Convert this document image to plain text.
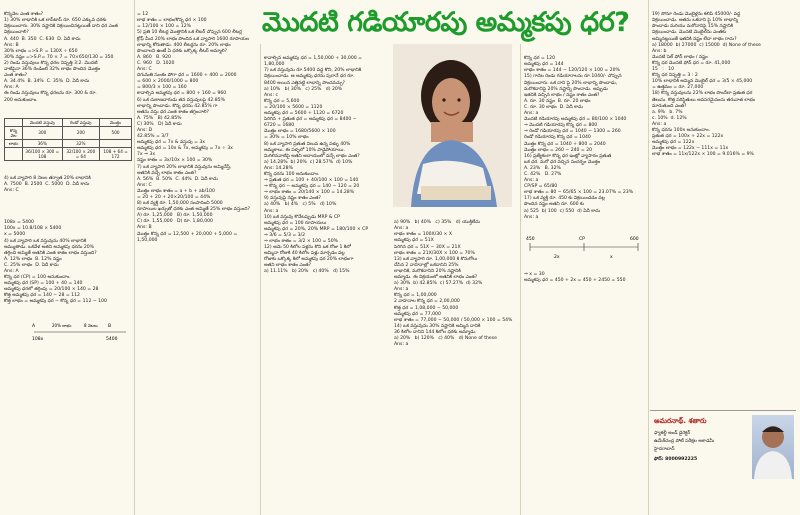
మొదటి గడియారపు అమ్మకపు ధర?

కొన్నవెల ఎంత శాతం?

1) 30% లాభానికి ఒక లాప్‌టాప్ రూ. 650 ఎక్కువ ధరకు

విక్రయించారు. 30% నష్టానికి విక్రయించినట్లయితే దాని ధర ఎంత

విక్రయించాలి?

A. 440  B. 350  C. 630  D. ఏదీ కాదు

Ans: B

30% లాభం =>S.P. = 130X ÷ 650

30% నష్టం =>S.P.= 70 × 7 = 70×650/130 = 350

2) రెండు వస్తువులు కొన్న ధరల నిష్పత్తి 3:2. మొదటి

వాటిపైనా 36% రెండింటి 32% లాభం పొందిన మొత్తం

ఎంత శాతం?

A. 34.4%  B. 34%  C. 35%  D. ఏదీ కాదు

Ans: A

ఈ రెండు వస్తువులు కొన్న ధరలను రూ. 300 & రూ.

200 అనుకుందాం.

	మొదటి వస్తువు	రెండో వస్తువు	మొత్తం
కొన్న వెల	300	200	500
లాభం	36%	32%	
	36/100 × 300 = 108	32/100 × 200 = 64	108 + 64 = 172

4) ఒక వ్యాపారి 8 నెలల తర్వాత 20% లాభానికి

A. 7500  B. 2500  C. 5000  D. ఏదీ కాదు

Ans: C

108x = 5400

100x = 10.8/108 × 5400

x = 5000

4) ఒక వ్యాపారి ఒక వస్తువును 40% లాభానికి

అమ్ముతాడు. ఒకవేళ అతని అమ్మకపు ధరను 20%

తగ్గించి అమ్మితే అతనికి ఎంత శాతం లాభం వస్తుంది?

A. 12% లాభం  B. 12% నష్టం

C. 25% లాభం  D. ఏదీ కాదు

Ans: A

కొన్న ధర (CP) = 100 అనుకుందాం.

అమ్మకపు ధర (SP) = 100 + 40 = 140

అమ్మకపు ధరలో తగ్గింపు = 20/100 × 140 = 28

కొత్త అమ్మకపు ధర = 140 − 28 = 112

కొత్త లాభం = అమ్మకపు ధర − కొన్న ధర = 112 − 100

= 12

లాభ శాతం = లాభం/కొన్న ధర × 100

= 12/100 × 100 = 12%

5) ప్రతి 10 లీటర్ల మొత్తానికి ఒక లీటర్ చొప్పున 600 లీటర్ల

క్రోఫ్ మీద 20% లాభం పొందిన ఒక వ్యాపారి 1600 రూపాయల

లాభాన్ని కోరుతాడు. 400 లీటర్లను రూ. 20% లాభం

పొందాలని ఉంటే ఏ ధరకు ఒక్కొక్క లీటర్ అమ్మాలి?

A. 860   B. 920

C. 960   D. 1020

Ans: C

దిగుమతి సుంకం పోగా ధర = 1600 + 400 = 2000

= 600 × 2000/1000 = 800

= 800/3 × 100 = 160

కావాల్సిన అమ్మకపు ధర = 800 + 160 = 960

6) ఒక దుకాణదారుడు తన వస్తువులపై 42.85%

లాభాన్ని పొందాడు. కొన్న ధరను 42.85% గా

అతను వస్తు ధర ఎంత శాతం తగ్గించాలి?

A. 75%   B) 42.85%

C) 30%   D) ఏదీ కాదు

Ans: D

42.85% = 3/7

అమ్మకపు ధర = 7x & వస్తువు = 3x

అమ్మకపు ధర = 10x & 7x, అమ్మకపు = 7x ÷ 3x

7x ⇒ 3x

నష్టం శాతం = 3x/10x × 100 = 30%

7) ఒక వ్యాపారి 20% లాభానికి వస్తువును అమ్మిచేస్తే,

అతనికి వచ్చే లాభం శాతం ఎంత?

A. 56%  B. 50%  C. 44%  D. ఏదీ కాదు

Ans: C

మొత్తం లాభం శాతం = a + b + ab/100

= 20 + 20 + 20×20/100 = 44%

8) ఒక వ్యక్తి రూ. 1,50,000 సంపాదించి 5000

రూపాయిల ఖర్చుతో ధరకు ఎంత అమ్మితే 25% లాభం వస్తుంది?

A) రూ. 1,25,000   B) రూ. 1,50,000

C) రూ. 1,55,000   D) రూ. 1,80,000

Ans: B

మొత్తం కొన్న ధర = 12,500 + 20,000 + 5,000 =

1,50,000

కావాల్సిన అమ్మకపు ధర = 1,50,000 + 30,000 =

1,80,000

7) ఒక వస్తువును రూ.5400 వద్ద కొని, 20% లాభానికి

విక్రయించాడు. ఆ అమ్మకపు ధరను పురానే ధర రూ.

8400 అయిన ఎత్తినట్టి లాభాన్ని పొందవచ్చు?

a) 10%   b) 30%   c) 25%   d) 20%

Ans: c

కొన్న ధర = 5,600

= 20/100 × 5600 = 1120

అమ్మకపు ధర = 5600 + 1120 = 6720

పెరిగిన + ప్రతుత ధర = అమ్మకపు ధర = 8400 −

6720 = 1680

మొత్తం లాభం = 1680/5600 × 100

= 30% = 10% లాభం

8) ఒక వ్యాపారి ప్రతుత విలువ ఉన్న పళ్ళు 40%

అమ్మకాలు. ఈ పళ్ళలో 10% పాడైపోయాయి.

మిగిలినవాటిపై అతని ఆదాయంలో వచ్చే లాభం ఎంత?

a) 14.28%  b) 20%  c) 28.57%  d) 10%

Ans: 14.28%

కొన్న ధరను 100 అనుకుందాం.

⇒ ప్రతుత ధర = 100 + 40/100 × 100 = 140

⇒ కొన్న ధర − అమ్మకపు ధర = 140 − 120 = 20

⇒ లాభం శాతం = 20/140 × 100 = 14.28%

9) వస్తువుపై నష్టం శాతం ఎంత?

a) 40%   b) 4%   c) 5%   d) 10%

Ans: a

10) ఒక వస్తువు కొనేటప్పుడు MRP & CP

అమ్మకపు ధర = 100 రూపాయలు

అమ్మకపు ధర = 20%, 20% MRP = 180/100 × CP

⇒ 3/6 = 5/3 = 3/2

⇒ లాభం శాతం = 3/2 × 100 = 50%

12) ఆమె 50 కిలోల పళ్లను కొని ఒక రోజు 1 కిలో

అమ్మినా రోజుకి 40 కిలోల పళ్లు మార్చడం వల్ల

రోజుకు ఒక్కొక్క కిలో అమ్మకపు ధర 20% లాభంగా

అతని లాభం శాతం ఎంత?

a) 11.11%   b) 20%   c) 40%   d) 15%

a) 90%   b) 40%   c) 35%   d) యుక్తిలేదు

Ans: a

లాభం శాతం = 100X/30 × X

అమ్మకపు ధర = 51X

పెరిగిన ధర = 51X − 30X = 21X

లాభం శాతం = 21X/30X × 100 = 70%

13) ఒక వ్యాపారి రూ. 1,00,000 కి కొనుగోలు

చేసిన 2 వాహనాల్లో ఒకదానిని 25%

లాభానికి, మరొకదానిని 20% నష్టానికి

అమ్మాడు. ఈ విక్రయంలో అతనికి లాభం ఎంత?

a) 30%  b) 42.85%  c) 57.27%  d) 32%

Ans: a

కొన్న ధర = 1,00,000

2 వాహనాల కొన్న ధర = 2,00,000

కొత్త ధర = 1,08,000 − 50,000

అమ్మకపు ధర = 77,000

లాభ శాతం = 77,000 − 50,000 / 50,000 × 100 = 54%

14) ఒక వస్తువును 30% నష్టానికి అమ్మిన దానికి

36 కిలోల దానిని 144 కిలోల ధరకు అమ్మాడు.

a) 20%   b) 120%   c) 40%   d) None of these

Ans: a

కొన్న ధర = 120

అమ్మకపు ధర = 144

లాభం శాతం = 144 − 120/120 × 100 = 20%

15) గాదెల రెండు గడియారాలను రూ.1040/- చొప్పున

విక్రయించారు. ఒక దాని పై 20% లాభాన్ని పొందాడు,

మరొకదానిపై 20% నష్టాన్ని పొందాడు. అప్పుడు

ఇతనికి వచ్చిన లాభం / నష్టం శాతం ఎంత?

A. రూ. 30 నష్టం  B. రూ. 20 లాభం

C. రూ. 30 లాభం  D. ఏదీ కాదు

Ans: a

మొదటి గడియారపు అమ్మకపు ధర = 80/100 × 1040

⇒ మొదటి గడియారపు కొన్న ధర = 800

⇒ రెండో గడియారపు ధర = 1040 − 1300 = 260

రెండో గడియారపు కొన్న ధర = 1040

మొత్తం కొన్న ధర = 1040 + 800 = 2040

మొత్తం లాభం = 260 − 240 = 20

16) ప్రత్యేకంగా కొన్న ధర ఇంట్లో వ్యాపారం ప్రతుత

ఒక ధర. మరో ధర వచ్చిన సందర్భం మొత్తం

A. 23%   B. 32%

C. 42%   D. 27%

Ans: a

CP/SP = 65/80

లాభ శాతం = 80 − 65/65 × 100 = 23.07% = 23%

17) ఒక వ్యక్తి రూ. 450 కు విక్రయించడం వల్ల

పొందిన నష్టం అతని రూ. 600 కు

a) 525  b) 100  c) 550  d) ఏదీ కాదు

Ans: a

450	CP	600
2x	x

⇒ x = 30

అమ్మకపు ధర = 450 + 2x = 450 + 2450 = 550

19) సోనూ రెండు మొబైళ్లను కలిపి 45000/- వద్ద

విక్రయించాడు. అతను ఒకదాని పై 10% లాభాన్ని

పొందాడు మరియు మరోదానిపై 15% నష్టానికి

విక్రయించాడు. మొదటి మొబైల్‌ను ఎంతకు

అమ్మినట్లయితే ఇతనికి నష్టం లేదా లాభం రాదు?

a) 18000  b) 27000  c) 15000  d) None of these

Ans: b

మొదటి సెల్ ఫోన్ లాభం / నష్టం

కొన్న ధర మొదటి ఫోన్ ధర = రూ. 41,000

15   :   10

కొన్న ధర నిష్పత్తి = 3 : 2

10% లాభానికి అమ్మిన మొబైల్ ధర = 3/5 × 45,000

= ఉత్తమం = రూ. 27,000

18) కొన్న వస్తువులను 22% లాభం పొందేలా ప్రతుత ధర

తెలుసు. కొత్త పరిస్థితులు అవసరమైనందు తరువాత లాభం

మారుతుంది ఎంత?

a. 9%   b. 7%

c. 10%  d. 12%

Ans: a

కొన్న ధరను 100x అనుకుందాం.

ప్రతుత ధర = 100x + 22x = 122x

అమ్మకపు ధర = 122x

మొత్తం లాభం = 122x − 111x = 11x

లాభ శాతం = 11x/122x × 100 = 9.016% = 9%

A	B
20% లాభం	8 నెలలు
108x	5400
అమరనాథ్. శతారు
ఫ్యాకల్టీ అండ్ డైరెక్టర్
ఉమేశ్‌చంద్ర పోటీ పరీక్షల అకాడమీ
హైదరాబాద్
ఫోన్: 8000992225
